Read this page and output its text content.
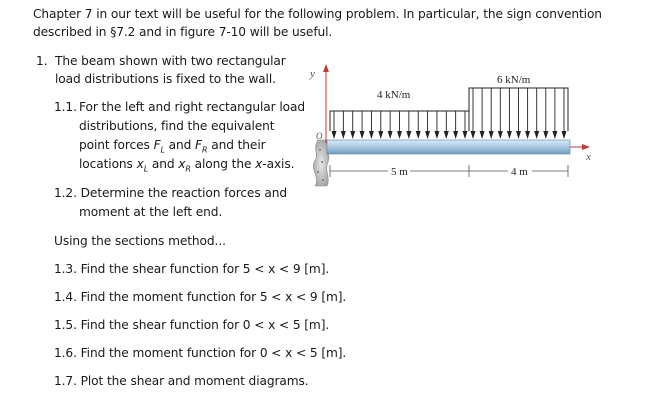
Chapter 7 in our text will be useful for the following problem. In particular, the sign convention
described in §7.2 and in figure 7-10 will be useful.
1. The beam shown with two rectangular
load distributions is fixed to the wall.
1.1. For the left and right rectangular load
distributions, find the equivalent
point forces $F_L$ and $F_R$ and their
locations $x_L$ and $x_R$ along the x-axis.
1.2. Determine the reaction forces and
moment at the left end.
Using the sections method...
1.3. Find the shear function for 5 < x < 9 [m].
1.4. Find the moment function for 5 < x < 9 [m].
1.5. Find the shear function for 0 < x < 5 [m].
1.6. Find the moment function for 0 < x < 5 [m].
1.7. Plot the shear and moment diagrams.
y
O
x
4 kN/m
6 kN/m
5 m	4 m
